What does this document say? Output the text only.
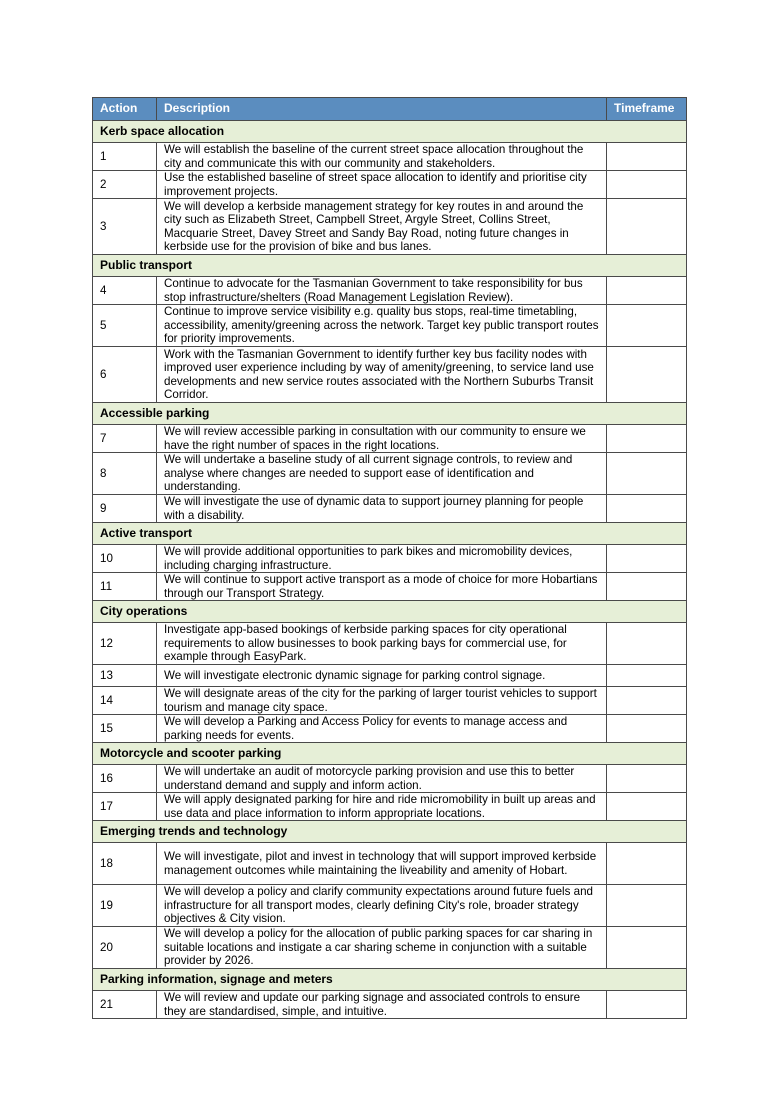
Action	Description	Timeframe
Kerb space allocation		
1	We will establish the baseline of the current street space allocation throughout the city and communicate this with our community and stakeholders.	
2	Use the established baseline of street space allocation to identify and prioritise city improvement projects.	
3	We will develop a kerbside management strategy for key routes in and around the city such as Elizabeth Street, Campbell Street, Argyle Street, Collins Street, Macquarie Street, Davey Street and Sandy Bay Road, noting future changes in kerbside use for the provision of bike and bus lanes.	
Public transport		
4	Continue to advocate for the Tasmanian Government to take responsibility for bus stop infrastructure/shelters (Road Management Legislation Review).	
5	Continue to improve service visibility e.g. quality bus stops, real-time timetabling, accessibility, amenity/greening across the network. Target key public transport routes for priority improvements.	
6	Work with the Tasmanian Government to identify further key bus facility nodes with improved user experience including by way of amenity/greening, to service land use developments and new service routes associated with the Northern Suburbs Transit Corridor.	
Accessible parking		
7	We will review accessible parking in consultation with our community to ensure we have the right number of spaces in the right locations.	
8	We will undertake a baseline study of all current signage controls, to review and analyse where changes are needed to support ease of identification and understanding.	
9	We will investigate the use of dynamic data to support journey planning for people with a disability.	
Active transport		
10	We will provide additional opportunities to park bikes and micromobility devices, including charging infrastructure.	
11	We will continue to support active transport as a mode of choice for more Hobartians through our Transport Strategy.	
City operations		
12	Investigate app-based bookings of kerbside parking spaces for city operational requirements to allow businesses to book parking bays for commercial use, for example through EasyPark.	
13	We will investigate electronic dynamic signage for parking control signage.	
14	We will designate areas of the city for the parking of larger tourist vehicles to support tourism and manage city space.	
15	We will develop a Parking and Access Policy for events to manage access and parking needs for events.	
Motorcycle and scooter parking		
16	We will undertake an audit of motorcycle parking provision and use this to better understand demand and supply and inform action.	
17	We will apply designated parking for hire and ride micromobility in built up areas and use data and place information to inform appropriate locations.	
Emerging trends and technology		
18	We will investigate, pilot and invest in technology that will support improved kerbside management outcomes while maintaining the liveability and amenity of Hobart.	
19	We will develop a policy and clarify community expectations around future fuels and infrastructure for all transport modes, clearly defining City's role, broader strategy objectives & City vision.	
20	We will develop a policy for the allocation of public parking spaces for car sharing in suitable locations and instigate a car sharing scheme in conjunction with a suitable provider by 2026.	
Parking information, signage and meters		
21	We will review and update our parking signage and associated controls to ensure they are standardised, simple, and intuitive.	
